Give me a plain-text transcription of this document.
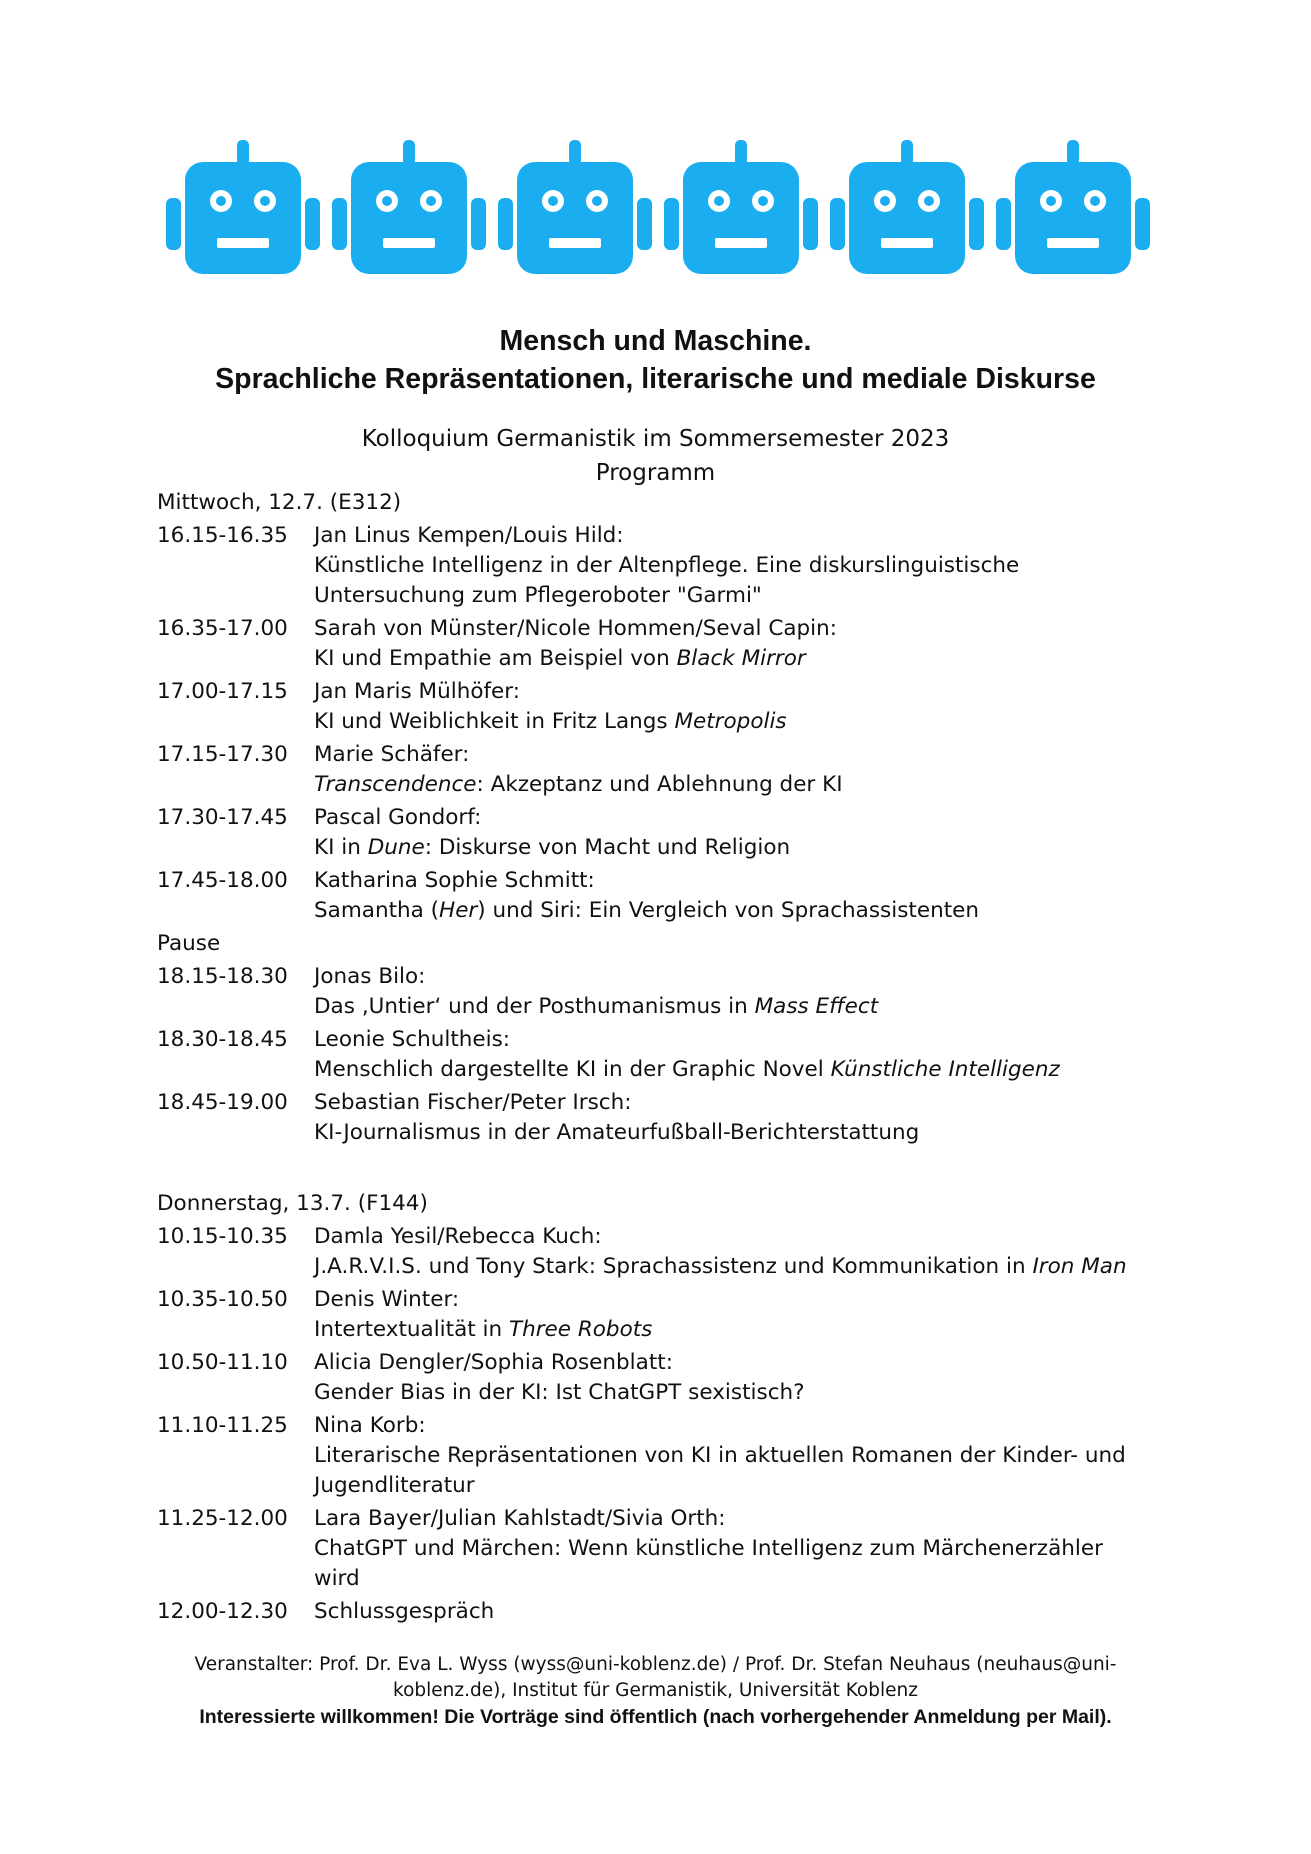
Mensch und Maschine.
Sprachliche Repräsentationen, literarische und mediale Diskurse
Kolloquium Germanistik im Sommersemester 2023
Programm
Mittwoch, 12.7. (E312)
16.15-16.35	Jan Linus Kempen/Louis Hild:
Künstliche Intelligenz in der Altenpflege. Eine diskurslinguistische
Untersuchung zum Pflegeroboter "Garmi"
16.35-17.00	Sarah von Münster/Nicole Hommen/Seval Capin:
KI und Empathie am Beispiel von Black Mirror
17.00-17.15	Jan Maris Mülhöfer:
KI und Weiblichkeit in Fritz Langs Metropolis
17.15-17.30	Marie Schäfer:
Transcendence: Akzeptanz und Ablehnung der KI
17.30-17.45	Pascal Gondorf:
KI in Dune: Diskurse von Macht und Religion
17.45-18.00	Katharina Sophie Schmitt:
Samantha (Her) und Siri: Ein Vergleich von Sprachassistenten
Pause
18.15-18.30	Jonas Bilo:
Das ‚Untier‘ und der Posthumanismus in Mass Effect
18.30-18.45	Leonie Schultheis:
Menschlich dargestellte KI in der Graphic Novel Künstliche Intelligenz
18.45-19.00	Sebastian Fischer/Peter Irsch:
KI-Journalismus in der Amateurfußball-Berichterstattung
Donnerstag, 13.7. (F144)
10.15-10.35	Damla Yesil/Rebecca Kuch:
J.A.R.V.I.S. und Tony Stark: Sprachassistenz und Kommunikation in Iron Man
10.35-10.50	Denis Winter:
Intertextualität in Three Robots
10.50-11.10	Alicia Dengler/Sophia Rosenblatt:
Gender Bias in der KI: Ist ChatGPT sexistisch?
11.10-11.25	Nina Korb:
Literarische Repräsentationen von KI in aktuellen Romanen der Kinder- und
Jugendliteratur
11.25-12.00	Lara Bayer/Julian Kahlstadt/Sivia Orth:
ChatGPT und Märchen: Wenn künstliche Intelligenz zum Märchenerzähler
wird
12.00-12.30	Schlussgespräch
Veranstalter: Prof. Dr. Eva L. Wyss (wyss@uni-koblenz.de) / Prof. Dr. Stefan Neuhaus (neuhaus@uni-
koblenz.de), Institut für Germanistik, Universität Koblenz
Interessierte willkommen! Die Vorträge sind öffentlich (nach vorhergehender Anmeldung per Mail).
